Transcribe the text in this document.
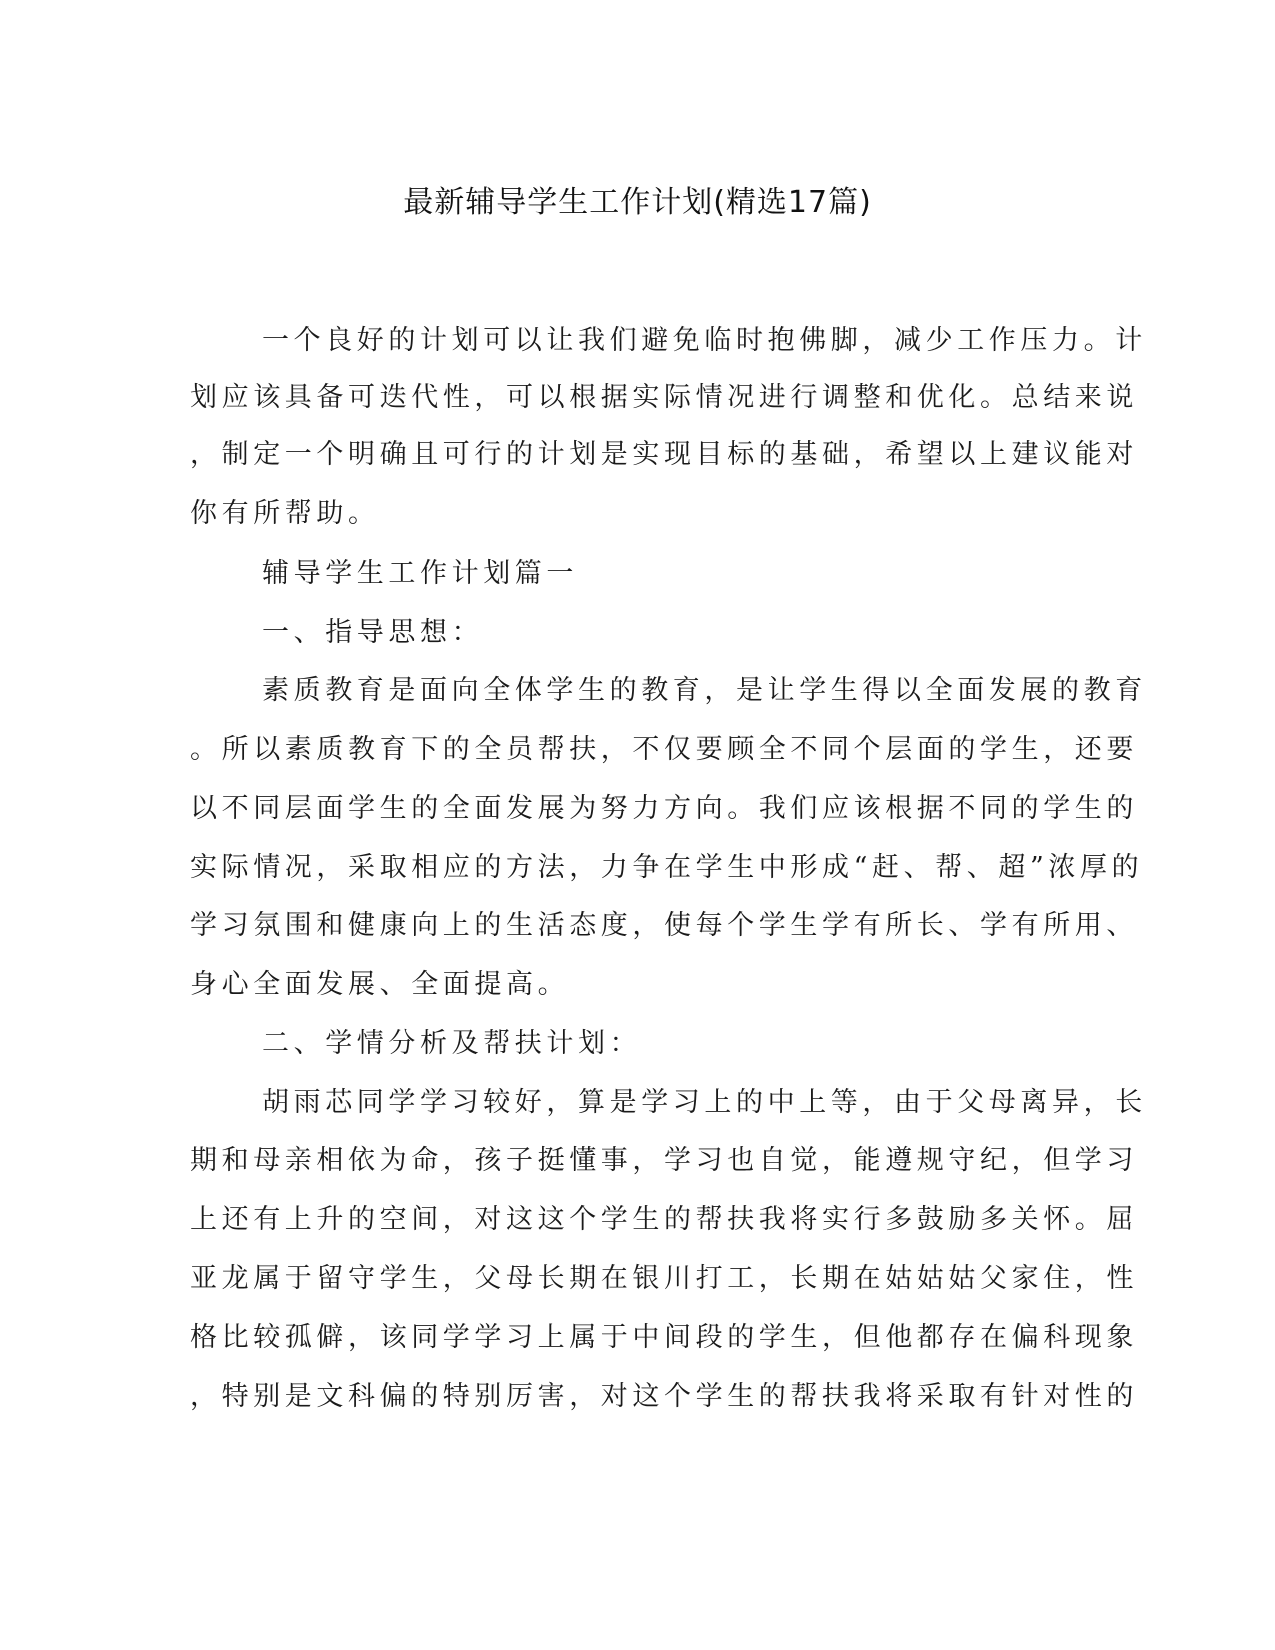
最新辅导学生工作计划(精选17篇)
一个良好的计划可以让我们避免临时抱佛脚，减少工作压力。计
划应该具备可迭代性，可以根据实际情况进行调整和优化。总结来说
，制定一个明确且可行的计划是实现目标的基础，希望以上建议能对
你有所帮助。
辅导学生工作计划篇一
一、指导思想：
素质教育是面向全体学生的教育，是让学生得以全面发展的教育
。所以素质教育下的全员帮扶，不仅要顾全不同个层面的学生，还要
以不同层面学生的全面发展为努力方向。我们应该根据不同的学生的
实际情况，采取相应的方法，力争在学生中形成“赶、帮、超”浓厚的
学习氛围和健康向上的生活态度，使每个学生学有所长、学有所用、
身心全面发展、全面提高。
二、学情分析及帮扶计划：
胡雨芯同学学习较好，算是学习上的中上等，由于父母离异，长
期和母亲相依为命，孩子挺懂事，学习也自觉，能遵规守纪，但学习
上还有上升的空间，对这这个学生的帮扶我将实行多鼓励多关怀。屈
亚龙属于留守学生，父母长期在银川打工，长期在姑姑姑父家住，性
格比较孤僻，该同学学习上属于中间段的学生，但他都存在偏科现象
，特别是文科偏的特别厉害，对这个学生的帮扶我将采取有针对性的
